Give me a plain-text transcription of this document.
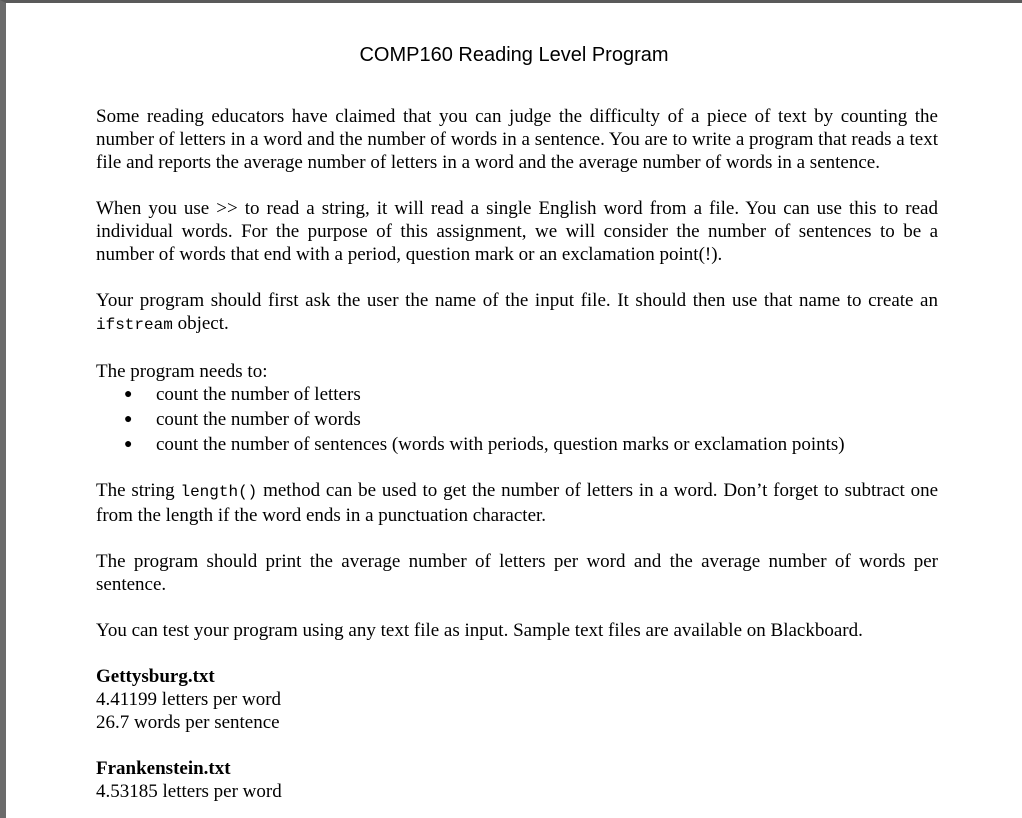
COMP160 Reading Level Program

Some reading educators have claimed that you can judge the difficulty of a piece of text by counting the number of letters in a word and the number of words in a sentence. You are to write a program that reads a text file and reports the average number of letters in a word and the average number of words in a sentence.

When you use >> to read a string, it will read a single English word from a file. You can use this to read individual words. For the purpose of this assignment, we will consider the number of sentences to be a number of words that end with a period, question mark or an exclamation point(!).

Your program should first ask the user the name of the input file. It should then use that name to create an ifstream object.

The program needs to:
● count the number of letters
● count the number of words
● count the number of sentences (words with periods, question marks or exclamation points)

The string length() method can be used to get the number of letters in a word. Don’t forget to subtract one from the length if the word ends in a punctuation character.

The program should print the average number of letters per word and the average number of words per sentence.

You can test your program using any text file as input. Sample text files are available on Blackboard.

Gettysburg.txt
4.41199 letters per word
26.7 words per sentence
Frankenstein.txt
4.53185 letters per word
